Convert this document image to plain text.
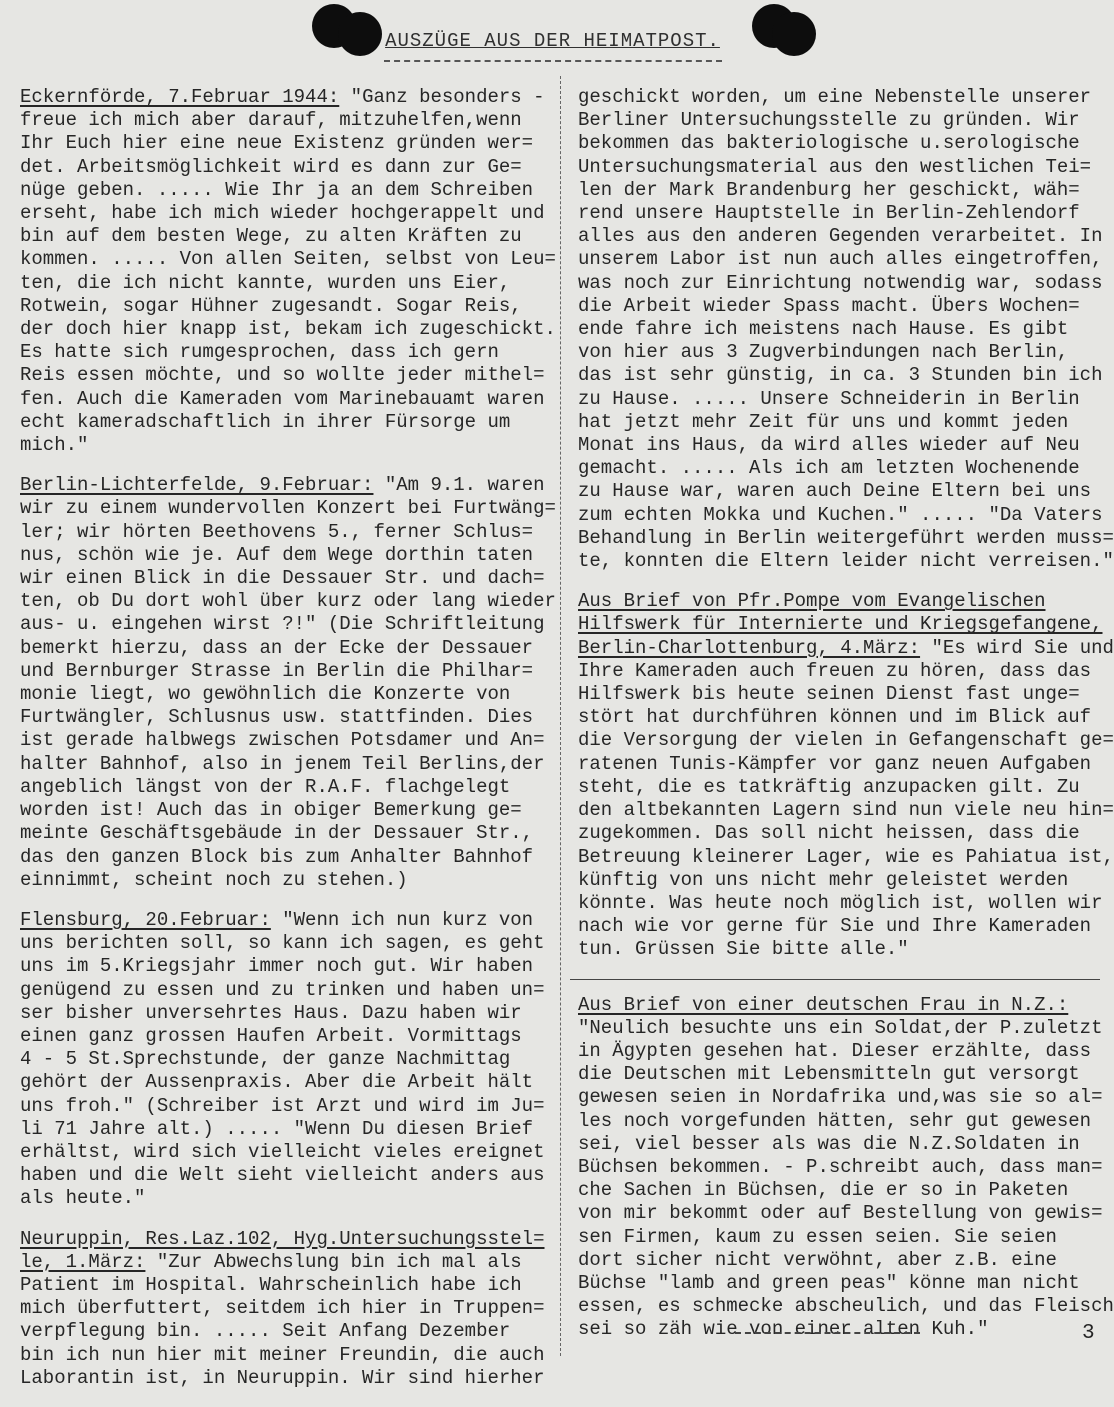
AUSZÜGE AUS DER HEIMATPOST.

Eckernförde, 7.Februar 1944: "Ganz besonders -

freue ich mich aber darauf, mitzuhelfen,wenn

Ihr Euch hier eine neue Existenz gründen wer=

det. Arbeitsmöglichkeit wird es dann zur Ge=

nüge geben. ..... Wie Ihr ja an dem Schreiben

erseht, habe ich mich wieder hochgerappelt und

bin auf dem besten Wege, zu alten Kräften zu

kommen. ..... Von allen Seiten, selbst von Leu=

ten, die ich nicht kannte, wurden uns Eier,

Rotwein, sogar Hühner zugesandt. Sogar Reis,

der doch hier knapp ist, bekam ich zugeschickt.

Es hatte sich rumgesprochen, dass ich gern

Reis essen möchte, und so wollte jeder mithel=

fen. Auch die Kameraden vom Marinebauamt waren

echt kameradschaftlich in ihrer Fürsorge um

mich."

Berlin-Lichterfelde, 9.Februar: "Am 9.1. waren

wir zu einem wundervollen Konzert bei Furtwäng=

ler; wir hörten Beethovens 5., ferner Schlus=

nus, schön wie je. Auf dem Wege dorthin taten

wir einen Blick in die Dessauer Str. und dach=

ten, ob Du dort wohl über kurz oder lang wieder

aus- u. eingehen wirst ?!" (Die Schriftleitung

bemerkt hierzu, dass an der Ecke der Dessauer

und Bernburger Strasse in Berlin die Philhar=

monie liegt, wo gewöhnlich die Konzerte von

Furtwängler, Schlusnus usw. stattfinden. Dies

ist gerade halbwegs zwischen Potsdamer und An=

halter Bahnhof, also in jenem Teil Berlins,der

angeblich längst von der R.A.F. flachgelegt

worden ist! Auch das in obiger Bemerkung ge=

meinte Geschäftsgebäude in der Dessauer Str.,

das den ganzen Block bis zum Anhalter Bahnhof

einnimmt, scheint noch zu stehen.)

Flensburg, 20.Februar: "Wenn ich nun kurz von

uns berichten soll, so kann ich sagen, es geht

uns im 5.Kriegsjahr immer noch gut. Wir haben

genügend zu essen und zu trinken und haben un=

ser bisher unversehrtes Haus. Dazu haben wir

einen ganz grossen Haufen Arbeit. Vormittags

4 - 5 St.Sprechstunde, der ganze Nachmittag

gehört der Aussenpraxis. Aber die Arbeit hält

uns froh." (Schreiber ist Arzt und wird im Ju=

li 71 Jahre alt.) ..... "Wenn Du diesen Brief

erhältst, wird sich vielleicht vieles ereignet

haben und die Welt sieht vielleicht anders aus

als heute."

Neuruppin, Res.Laz.102, Hyg.Untersuchungsstel=

le, 1.März: "Zur Abwechslung bin ich mal als

Patient im Hospital. Wahrscheinlich habe ich

mich überfuttert, seitdem ich hier in Truppen=

verpflegung bin. ..... Seit Anfang Dezember

bin ich nun hier mit meiner Freundin, die auch

Laborantin ist, in Neuruppin. Wir sind hierher

geschickt worden, um eine Nebenstelle unserer

Berliner Untersuchungsstelle zu gründen. Wir

bekommen das bakteriologische u.serologische

Untersuchungsmaterial aus den westlichen Tei=

len der Mark Brandenburg her geschickt, wäh=

rend unsere Hauptstelle in Berlin-Zehlendorf

alles aus den anderen Gegenden verarbeitet. In

unserem Labor ist nun auch alles eingetroffen,

was noch zur Einrichtung notwendig war, sodass

die Arbeit wieder Spass macht. Übers Wochen=

ende fahre ich meistens nach Hause. Es gibt

von hier aus 3 Zugverbindungen nach Berlin,

das ist sehr günstig, in ca. 3 Stunden bin ich

zu Hause. ..... Unsere Schneiderin in Berlin

hat jetzt mehr Zeit für uns und kommt jeden

Monat ins Haus, da wird alles wieder auf Neu

gemacht. ..... Als ich am letzten Wochenende

zu Hause war, waren auch Deine Eltern bei uns

zum echten Mokka und Kuchen." ..... "Da Vaters

Behandlung in Berlin weitergeführt werden muss=

te, konnten die Eltern leider nicht verreisen."

Aus Brief von Pfr.Pompe vom Evangelischen

Hilfswerk für Internierte und Kriegsgefangene,

Berlin-Charlottenburg, 4.März: "Es wird Sie und

Ihre Kameraden auch freuen zu hören, dass das

Hilfswerk bis heute seinen Dienst fast unge=

stört hat durchführen können und im Blick auf

die Versorgung der vielen in Gefangenschaft ge=

ratenen Tunis-Kämpfer vor ganz neuen Aufgaben

steht, die es tatkräftig anzupacken gilt. Zu

den altbekannten Lagern sind nun viele neu hin=

zugekommen. Das soll nicht heissen, dass die

Betreuung kleinerer Lager, wie es Pahiatua ist,

künftig von uns nicht mehr geleistet werden

könnte. Was heute noch möglich ist, wollen wir

nach wie vor gerne für Sie und Ihre Kameraden

tun. Grüssen Sie bitte alle."

Aus Brief von einer deutschen Frau in N.Z.:

"Neulich besuchte uns ein Soldat,der P.zuletzt

in Ägypten gesehen hat. Dieser erzählte, dass

die Deutschen mit Lebensmitteln gut versorgt

gewesen seien in Nordafrika und,was sie so al=

les noch vorgefunden hätten, sehr gut gewesen

sei, viel besser als was die N.Z.Soldaten in

Büchsen bekommen. - P.schreibt auch, dass man=

che Sachen in Büchsen, die er so in Paketen

von mir bekommt oder auf Bestellung von gewis=

sen Firmen, kaum zu essen seien. Sie seien

dort sicher nicht verwöhnt, aber z.B. eine

Büchse "lamb and green peas" könne man nicht

essen, es schmecke abscheulich, und das Fleisch

sei so zäh wie von einer alten Kuh."	3
